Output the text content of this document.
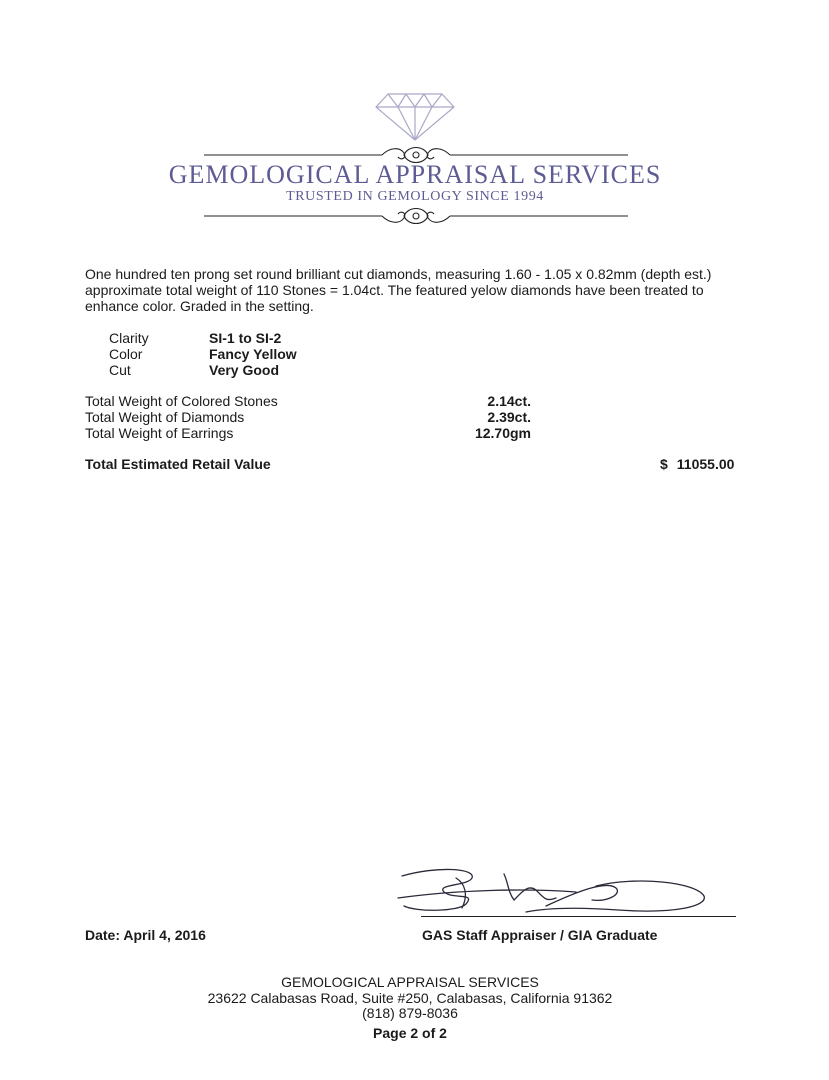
GEMOLOGICAL APPRAISAL SERVICES
TRUSTED IN GEMOLOGY SINCE 1994

One hundred ten prong set round brilliant cut diamonds, measuring 1.60 - 1.05 x 0.82mm (depth est.) approximate total weight of 110 Stones = 1.04ct. The featured yelow diamonds have been treated to enhance color. Graded in the setting.

Clarity	SI-1 to SI-2
Color	Fancy Yellow
Cut	Very Good
Total Weight of Colored Stones	2.14ct.
Total Weight of Diamonds	2.39ct.
Total Weight of Earrings	12.70gm
Total Estimated Retail Value	$ 11055.00
Date: April 4, 2016	GAS Staff Appraiser / GIA Graduate
GEMOLOGICAL APPRAISAL SERVICES
23622 Calabasas Road, Suite #250, Calabasas, California 91362
(818) 879-8036
Page 2 of 2
